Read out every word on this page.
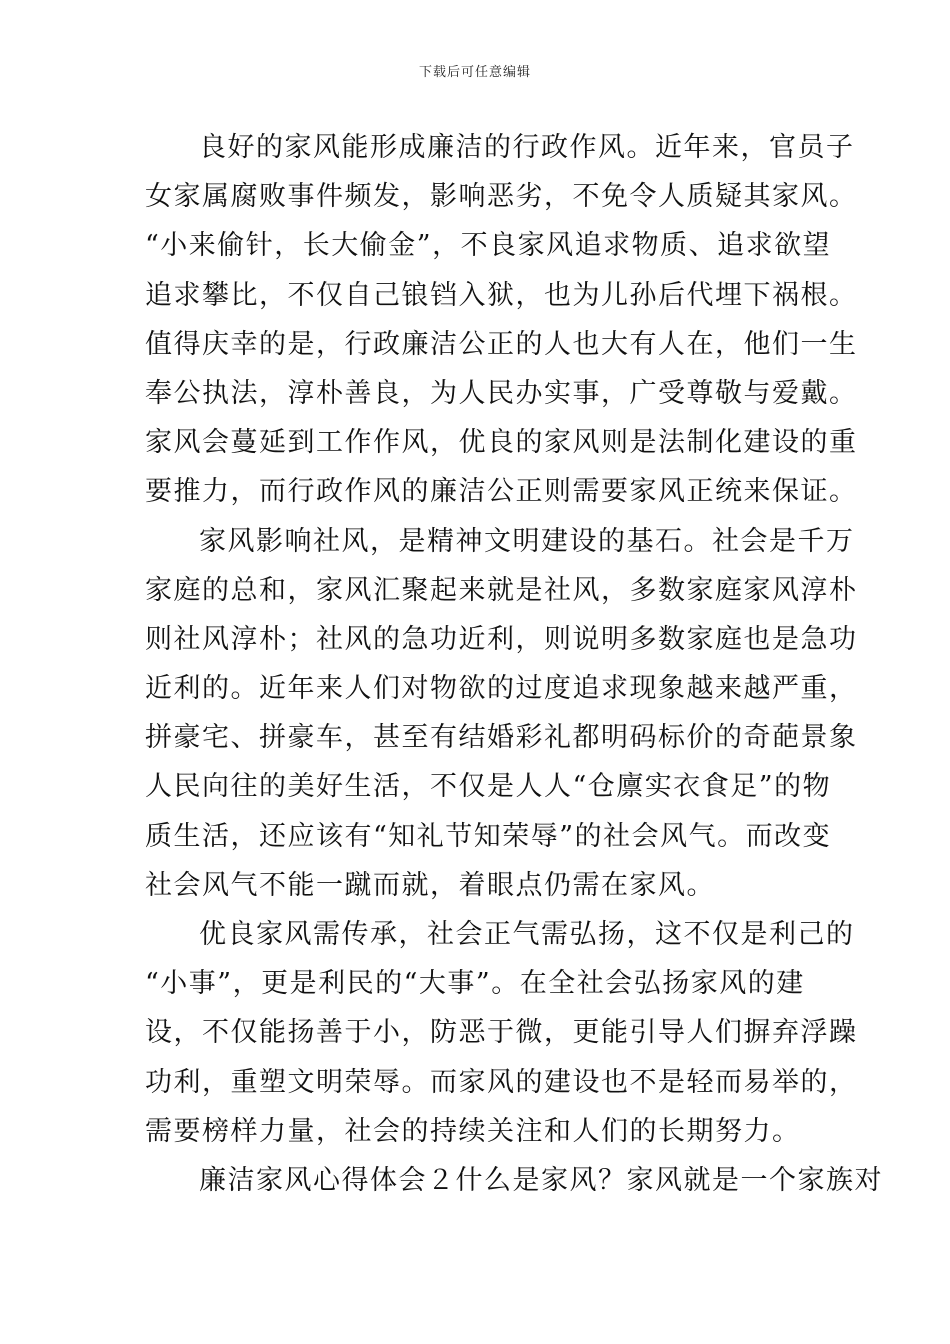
下载后可任意编辑
良好的家风能形成廉洁的行政作风。近年来，官员子
女家属腐败事件频发，影响恶劣，不免令人质疑其家风。
“小来偷针，长大偷金”，不良家风追求物质、追求欲望
追求攀比，不仅自己锒铛入狱，也为儿孙后代埋下祸根。
值得庆幸的是，行政廉洁公正的人也大有人在，他们一生
奉公执法，淳朴善良，为人民办实事，广受尊敬与爱戴。
家风会蔓延到工作作风，优良的家风则是法制化建设的重
要推力，而行政作风的廉洁公正则需要家风正统来保证。
家风影响社风，是精神文明建设的基石。社会是千万
家庭的总和，家风汇聚起来就是社风，多数家庭家风淳朴
则社风淳朴；社风的急功近利，则说明多数家庭也是急功
近利的。近年来人们对物欲的过度追求现象越来越严重，
拼豪宅、拼豪车，甚至有结婚彩礼都明码标价的奇葩景象
人民向往的美好生活，不仅是人人“仓廪实衣食足”的物
质生活，还应该有“知礼节知荣辱”的社会风气。而改变
社会风气不能一蹴而就，着眼点仍需在家风。
优良家风需传承，社会正气需弘扬，这不仅是利己的
“小事”，更是利民的“大事”。在全社会弘扬家风的建
设，不仅能扬善于小，防恶于微，更能引导人们摒弃浮躁
功利，重塑文明荣辱。而家风的建设也不是轻而易举的，
需要榜样力量，社会的持续关注和人们的长期努力。
廉洁家风心得体会２什么是家风？家风就是一个家族对
